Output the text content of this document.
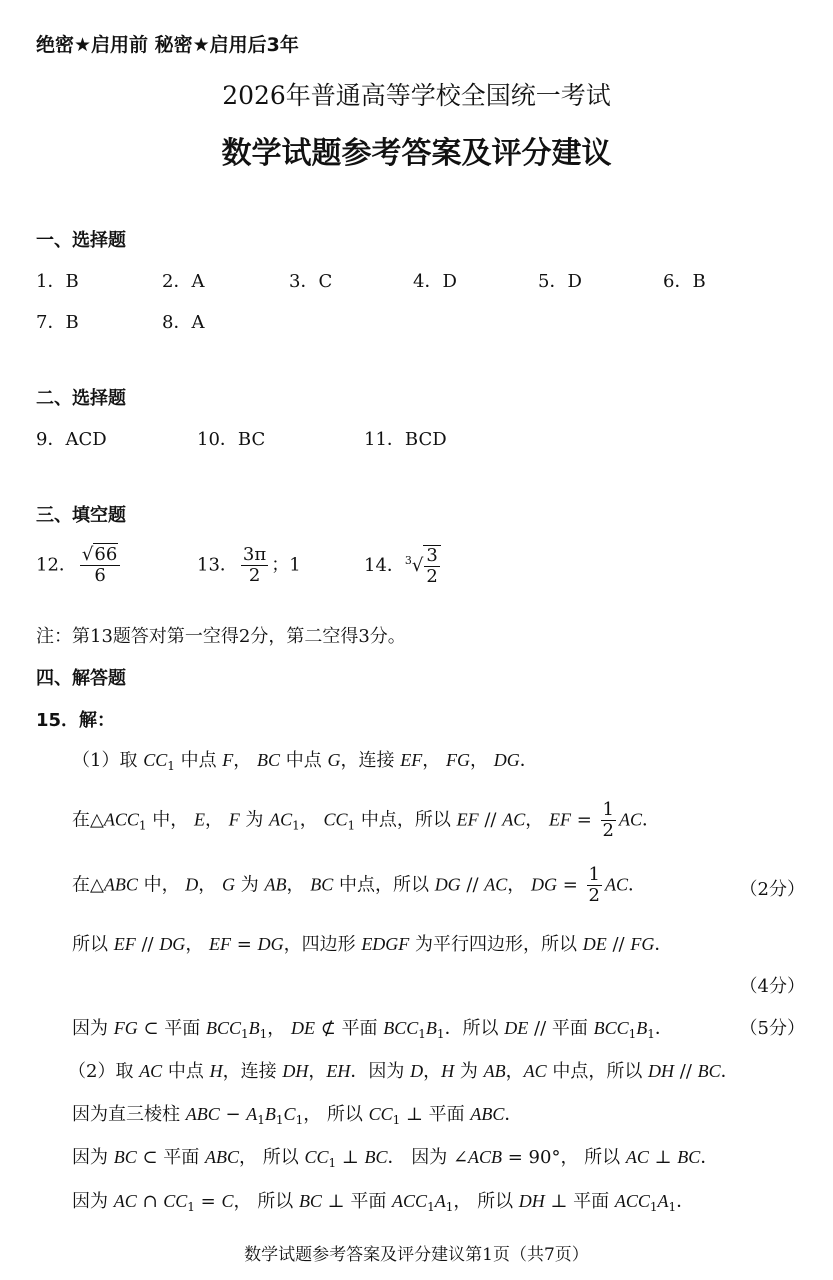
绝密★启用前 秘密★启用后3年
2026年普通高等学校全国统一考试
数学试题参考答案及评分建议
一、选择题
1．B	2．A	3．C	4．D	5．D	6．B
7．B	8．A
二、选择题
9．ACD	10．BC	11．BCD
三、填空题
12． $\frac{√66}{6}$	13． $\frac{3\pi}{2}$ ；1	14．$^3√ \frac{3}{2}$
注：第13题答对第一空得2分，第二空得3分。
四、解答题
15．解：
（1）取 $CC_1$ 中点 F， BC 中点 G，连接 EF， FG， DG．
在$\triangle ACC_1$ 中， E， F 为 $AC_1$， $CC_1$ 中点，所以 EF // AC， EF = $\frac{1}{2}$ AC．
在△ABC 中， D， G 为 AB， BC 中点，所以 DG // AC， DG = $\frac{1}{2}$ AC．	（2分）
所以 EF // DG， EF = DG，四边形 EDGF 为平行四边形，所以 DE // FG．
（4分）
因为 FG ⊂ 平面 $BCC_1B_1$， DE ⊄ 平面 $BCC_1B_1$．所以 DE // 平面 $BCC_1B_1$．	（5分）
（2）取 AC 中点 H，连接 DH，EH．因为 D，H 为 AB，AC 中点，所以 DH // BC．
因为直三棱柱 ABC − $A_1B_1C_1$， 所以 $CC_1$ ⊥ 平面 ABC．
因为 BC ⊂ 平面 ABC， 所以 $CC_1$ ⊥ BC． 因为 ∠ACB = 90°， 所以 AC ⊥ BC．
因为 AC ∩ $CC_1 = C$， 所以 BC ⊥ 平面 $ACC_1A_1$， 所以 DH ⊥ 平面 $ACC_1A_1$．
数学试题参考答案及评分建议第1页（共7页）
